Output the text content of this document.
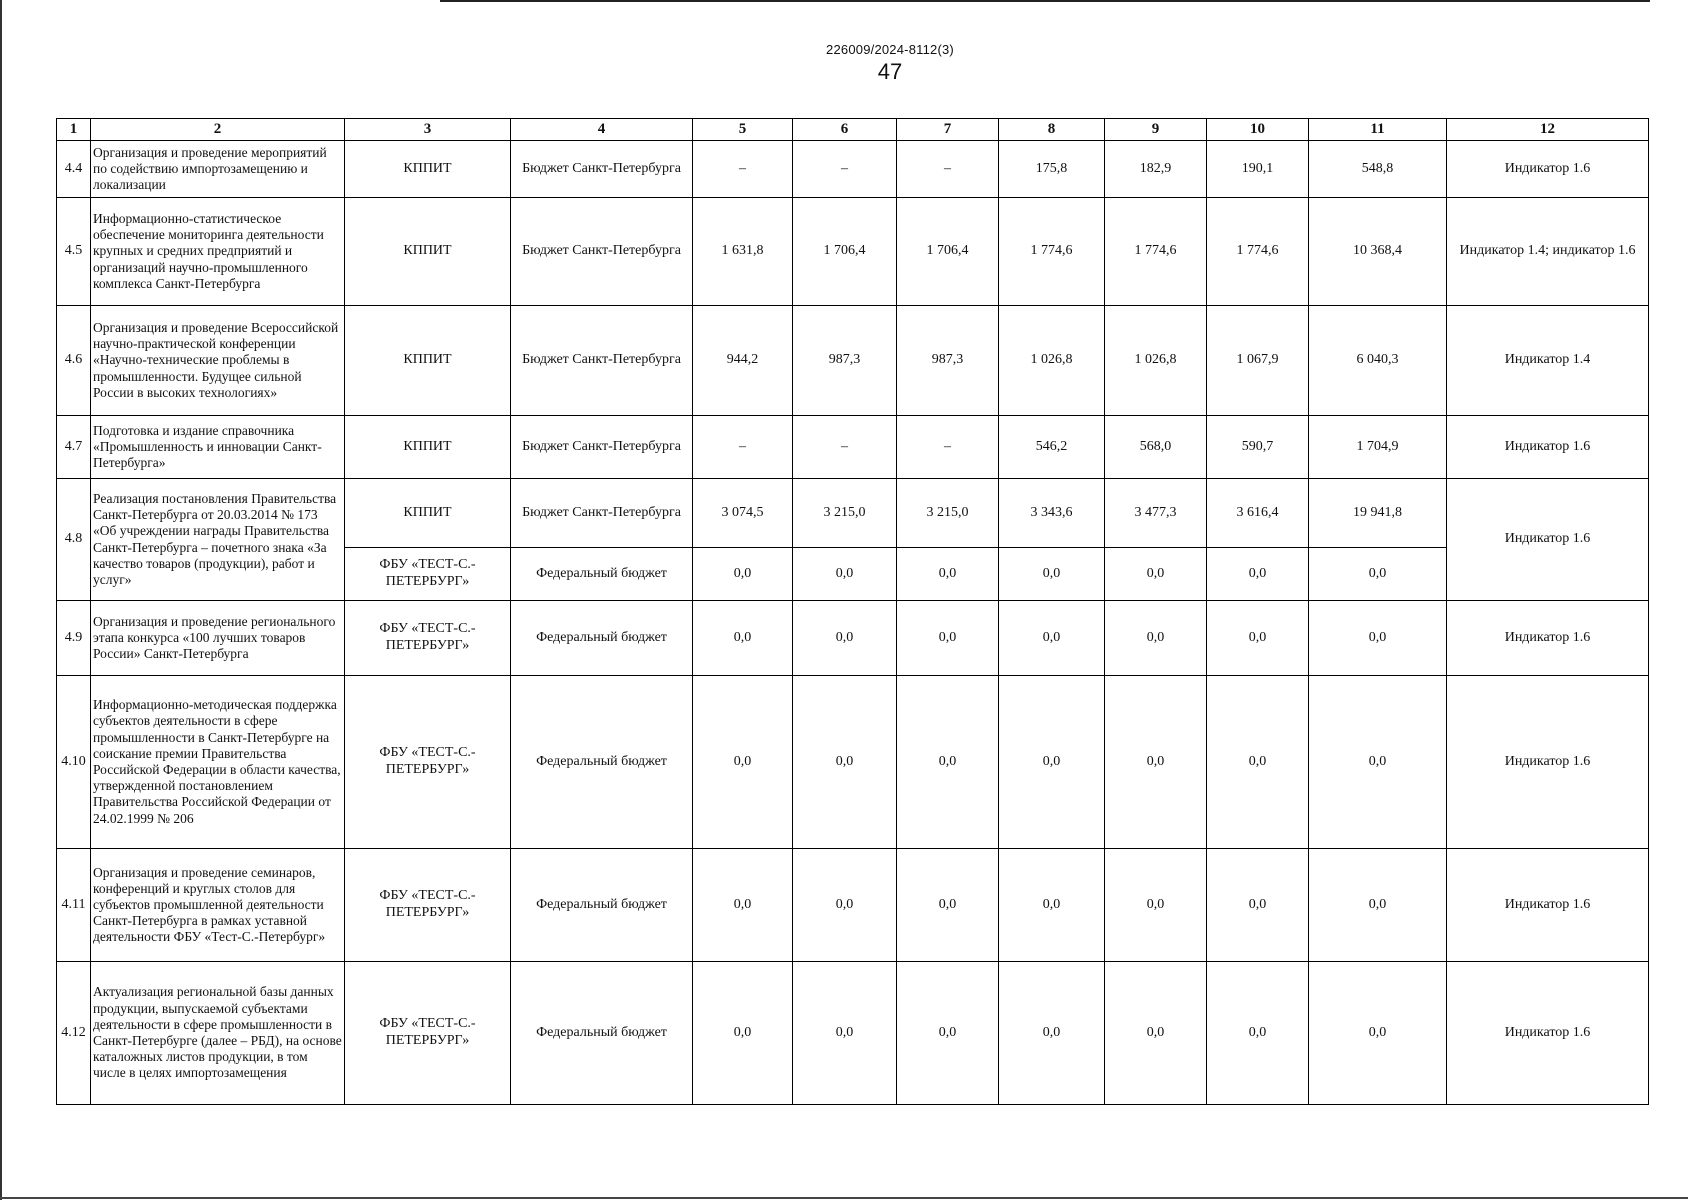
226009/2024-8112(3)
47
1	2	3	4	5	6	7	8	9	10	11	12
4.4	Организация и проведение мероприятий по содействию импортозамещению и локализации	КППИТ	Бюджет Санкт-Петербурга	–	–	–	175,8	182,9	190,1	548,8	Индикатор 1.6
4.5	Информационно-статистическое обеспечение мониторинга деятельности крупных и средних предприятий и организаций научно-промышленного комплекса Санкт-Петербурга	КППИТ	Бюджет Санкт-Петербурга	1 631,8	1 706,4	1 706,4	1 774,6	1 774,6	1 774,6	10 368,4	Индикатор 1.4; индикатор 1.6
4.6	Организация и проведение Всероссийской научно-практической конференции «Научно-технические проблемы в промышленности. Будущее сильной России в высоких технологиях»	КППИТ	Бюджет Санкт-Петербурга	944,2	987,3	987,3	1 026,8	1 026,8	1 067,9	6 040,3	Индикатор 1.4
4.7	Подготовка и издание справочника «Промышленность и инновации Санкт-Петербурга»	КППИТ	Бюджет Санкт-Петербурга	–	–	–	546,2	568,0	590,7	1 704,9	Индикатор 1.6
4.8	Реализация постановления Правительства Санкт-Петербурга от 20.03.2014 № 173 «Об учреждении награды Правительства Санкт-Петербурга – почетного знака «За качество товаров (продукции), работ и услуг»	КППИТ	Бюджет Санкт-Петербурга	3 074,5	3 215,0	3 215,0	3 343,6	3 477,3	3 616,4	19 941,8	Индикатор 1.6
		ФБУ «ТЕСТ-С.-ПЕТЕРБУРГ»	Федеральный бюджет	0,0	0,0	0,0	0,0	0,0	0,0	0,0	
4.9	Организация и проведение регионального этапа конкурса «100 лучших товаров России» Санкт-Петербурга	ФБУ «ТЕСТ-С.-ПЕТЕРБУРГ»	Федеральный бюджет	0,0	0,0	0,0	0,0	0,0	0,0	0,0	Индикатор 1.6
4.10	Информационно-методическая поддержка субъектов деятельности в сфере промышленности в Санкт-Петербурге на соискание премии Правительства Российской Федерации в области качества, утвержденной постановлением Правительства Российской Федерации от 24.02.1999 № 206	ФБУ «ТЕСТ-С.-ПЕТЕРБУРГ»	Федеральный бюджет	0,0	0,0	0,0	0,0	0,0	0,0	0,0	Индикатор 1.6
4.11	Организация и проведение семинаров, конференций и круглых столов для субъектов промышленной деятельности Санкт-Петербурга в рамках уставной деятельности ФБУ «Тест-С.-Петербург»	ФБУ «ТЕСТ-С.-ПЕТЕРБУРГ»	Федеральный бюджет	0,0	0,0	0,0	0,0	0,0	0,0	0,0	Индикатор 1.6
4.12	Актуализация региональной базы данных продукции, выпускаемой субъектами деятельности в сфере промышленности в Санкт-Петербурге (далее – РБД), на основе каталожных листов продукции, в том числе в целях импортозамещения	ФБУ «ТЕСТ-С.-ПЕТЕРБУРГ»	Федеральный бюджет	0,0	0,0	0,0	0,0	0,0	0,0	0,0	Индикатор 1.6
